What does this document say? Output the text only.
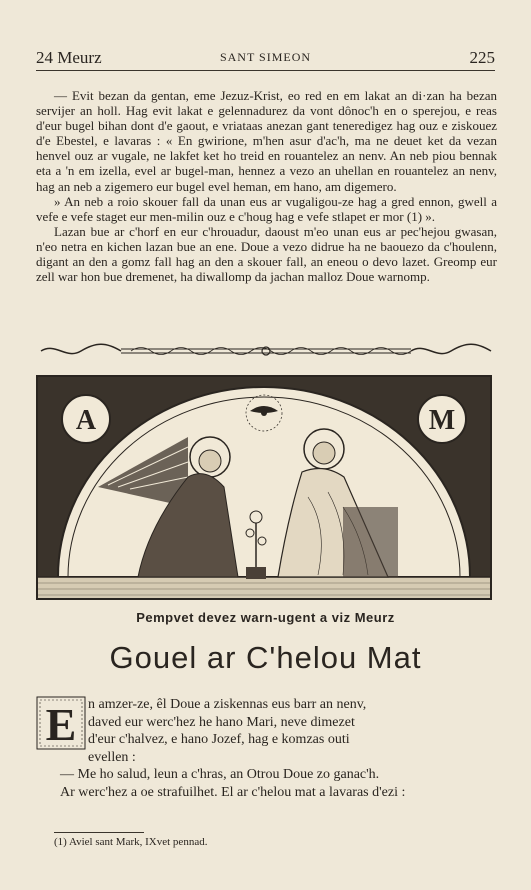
24 Meurz	SANT SIMEON	225

— Evit bezan da gentan, eme Jezuz-Krist, eo red en em lakat an di·zan ha bezan servijer an holl. Hag evit lakat e gelennadurez da vont dônoc'h en o sperejou, e reas d'eur bugel bihan dont d'e gaout, e vriataas anezan gant teneredigez hag ouz e ziskouez d'e Ebestel, e lavaras : « En gwirione, m'hen asur d'ac'h, ma ne deuet ket da vezan henvel ouz ar vugale, ne lakfet ket ho treid en rouantelez an nenv. An neb piou bennak eta a 'n em izella, evel ar bugel-man, hennez a vezo an uhellan en rouantelez an nenv, hag an neb a zigemero eur bugel evel heman, em hano, am digemero.

» An neb a roio skouer fall da unan eus ar vugaligou-ze hag a gred ennon, gwell a vefe e vefe staget eur men-milin ouz e c'houg hag e vefe stlapet er mor (1) ».

Lazan bue ar c'horf en eur c'hrouadur, daoust m'eo unan eus ar pec'hejou gwasan, n'eo netra en kichen lazan bue an ene. Doue a vezo didrue ha ne baouezo da c'houlenn, digant an den a gomz fall hag an den a skouer fall, an eneou o devo lazet. Greomp eur zell war hon bue dremenet, ha diwallomp da jachan malloz Doue warnomp.

A	M
Pempvet devez warn-ugent a viz Meurz
Gouel ar C'helou Mat
E n amzer-ze, êl Doue a ziskennas eus barr an nenv,
daved eur werc'hez he hano Mari, neve dimezet
d'eur c'halvez, e hano Jozef, hag e komzas outi
evellen :
— Me ho salud, leun a c'hras, an Otrou Doue zo ganac'h.
Ar werc'hez a oe strafuilhet. El ar c'helou mat a lavaras d'ezi :

(1) Aviel sant Mark, IXvet pennad.
